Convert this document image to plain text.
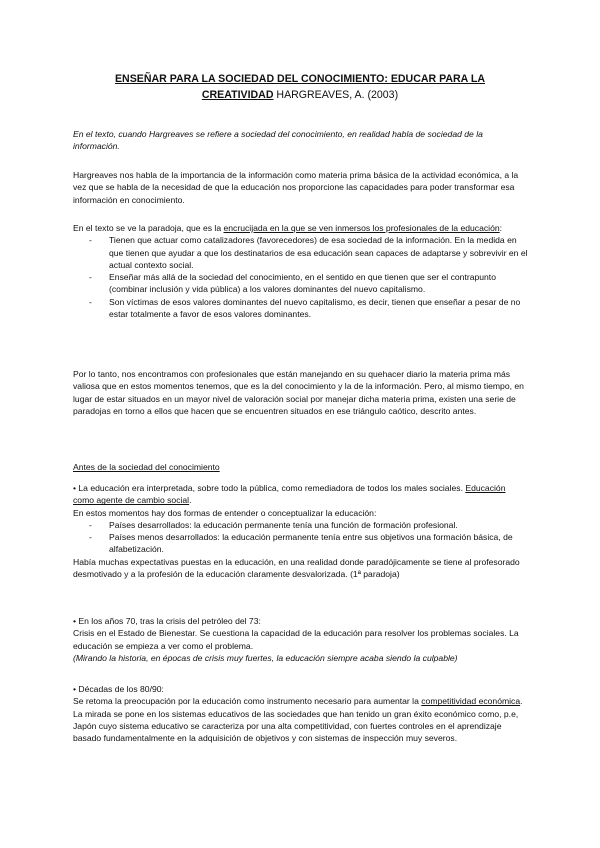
ENSEÑAR PARA LA SOCIEDAD DEL CONOCIMIENTO: EDUCAR PARA LA
CREATIVIDAD HARGREAVES, A. (2003)

En el texto, cuando Hargreaves se refiere a sociedad del conocimiento, en realidad habla de sociedad de la información.

Hargreaves nos habla de la importancia de la información como materia prima básica de la actividad económica, a la vez que se habla de la necesidad de que la educación nos proporcione las capacidades para poder transformar esa información en conocimiento.

En el texto se ve la paradoja, que es la encrucijada en la que se ven inmersos los profesionales de la educación:
- Tienen que actuar como catalizadores (favorecedores) de esa sociedad de la información. En la medida en que tienen que ayudar a que los destinatarios de esa educación sean capaces de adaptarse y sobrevivir en el actual contexto social.
- Enseñar más allá de la sociedad del conocimiento, en el sentido en que tienen que ser el contrapunto (combinar inclusión y vida pública) a los valores dominantes del nuevo capitalismo.
- Son víctimas de esos valores dominantes del nuevo capitalismo, es decir, tienen que enseñar a pesar de no estar totalmente a favor de esos valores dominantes.

Por lo tanto, nos encontramos con profesionales que están manejando en su quehacer diario la materia prima más valiosa que en estos momentos tenemos, que es la del conocimiento y la de la información. Pero, al mismo tiempo, en lugar de estar situados en un mayor nivel de valoración social por manejar dicha materia prima, existen una serie de paradojas en torno a ellos que hacen que se encuentren situados en ese triángulo caótico, descrito antes.

Antes de la sociedad del conocimiento

• La educación era interpretada, sobre todo la pública, como remediadora de todos los males sociales. Educación como agente de cambio social.
En estos momentos hay dos formas de entender o conceptualizar la educación:
- Países desarrollados: la educación permanente tenía una función de formación profesional.
- Países menos desarrollados: la educación permanente tenía entre sus objetivos una formación básica, de alfabetización.
Había muchas expectativas puestas en la educación, en una realidad donde paradójicamente se tiene al profesorado desmotivado y a la profesión de la educación claramente desvalorizada. (1ª paradoja)
• En los años 70, tras la crisis del petróleo del 73:
Crisis en el Estado de Bienestar. Se cuestiona la capacidad de la educación para resolver los problemas sociales. La educación se empieza a ver como el problema.
(Mirando la historia, en épocas de crisis muy fuertes, la educación siempre acaba siendo la culpable)
• Décadas de los 80/90:
Se retoma la preocupación por la educación como instrumento necesario para aumentar la competitividad económica. La mirada se pone en los sistemas educativos de las sociedades que han tenido un gran éxito económico como, p.e, Japón cuyo sistema educativo se caracteriza por una alta competitividad, con fuertes controles en el aprendizaje basado fundamentalmente en la adquisición de objetivos y con sistemas de inspección muy severos.
